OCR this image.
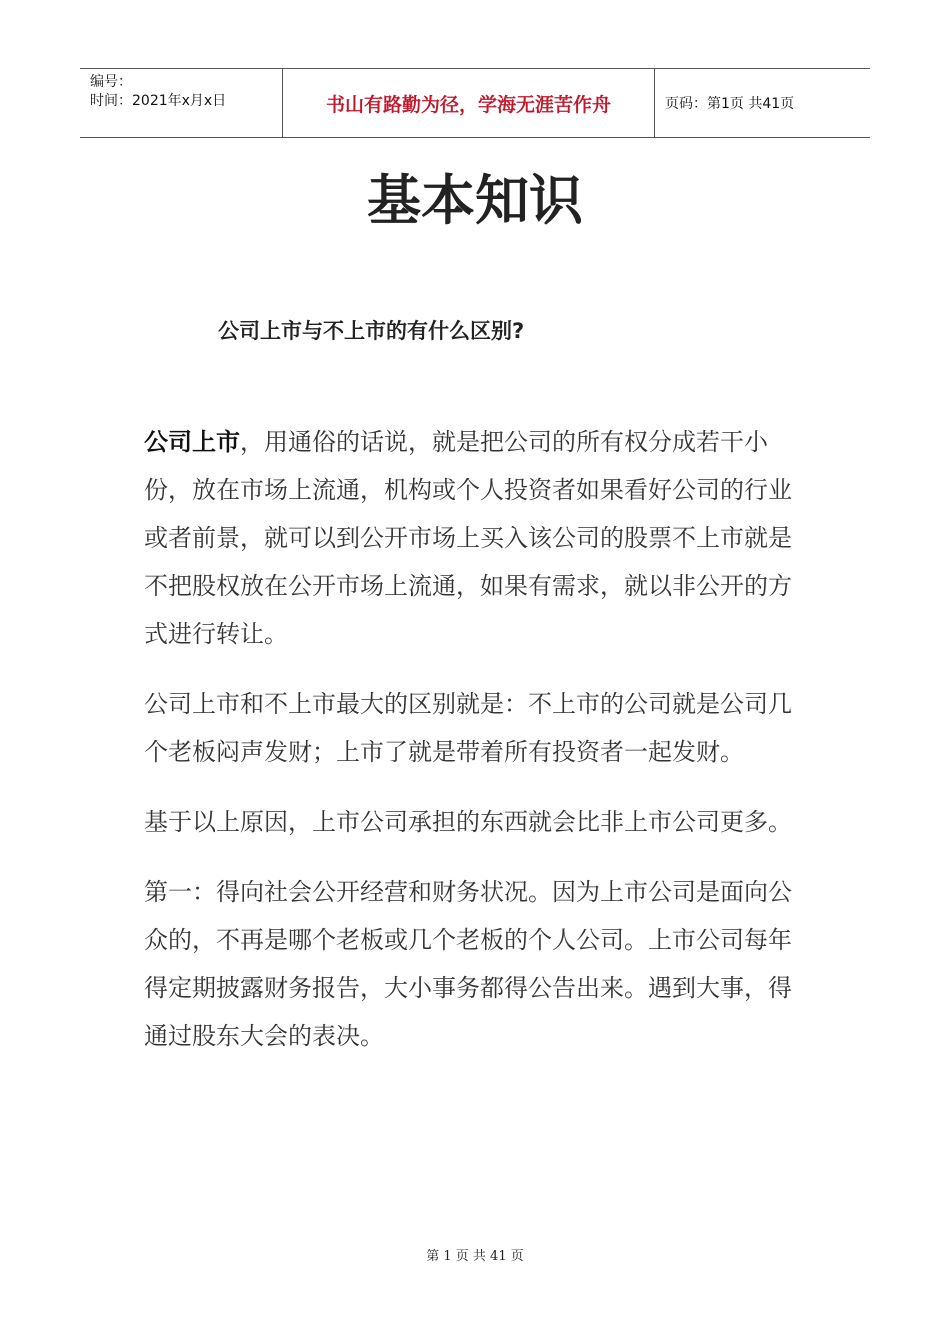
编号：
时间：2021年x月x日	书山有路勤为径，学海无涯苦作舟	页码：第1页 共41页
基本知识
公司上市与不上市的有什么区别?

公司上市，用通俗的话说，就是把公司的所有权分成若干小份，放在市场上流通，机构或个人投资者如果看好公司的行业或者前景，就可以到公开市场上买入该公司的股票不上市就是不把股权放在公开市场上流通，如果有需求，就以非公开的方式进行转让。

公司上市和不上市最大的区别就是：不上市的公司就是公司几个老板闷声发财；上市了就是带着所有投资者一起发财。

基于以上原因，上市公司承担的东西就会比非上市公司更多。

第一：得向社会公开经营和财务状况。因为上市公司是面向公众的，不再是哪个老板或几个老板的个人公司。上市公司每年得定期披露财务报告，大小事务都得公告出来。遇到大事，得通过股东大会的表决。

第 1 页 共 41 页
